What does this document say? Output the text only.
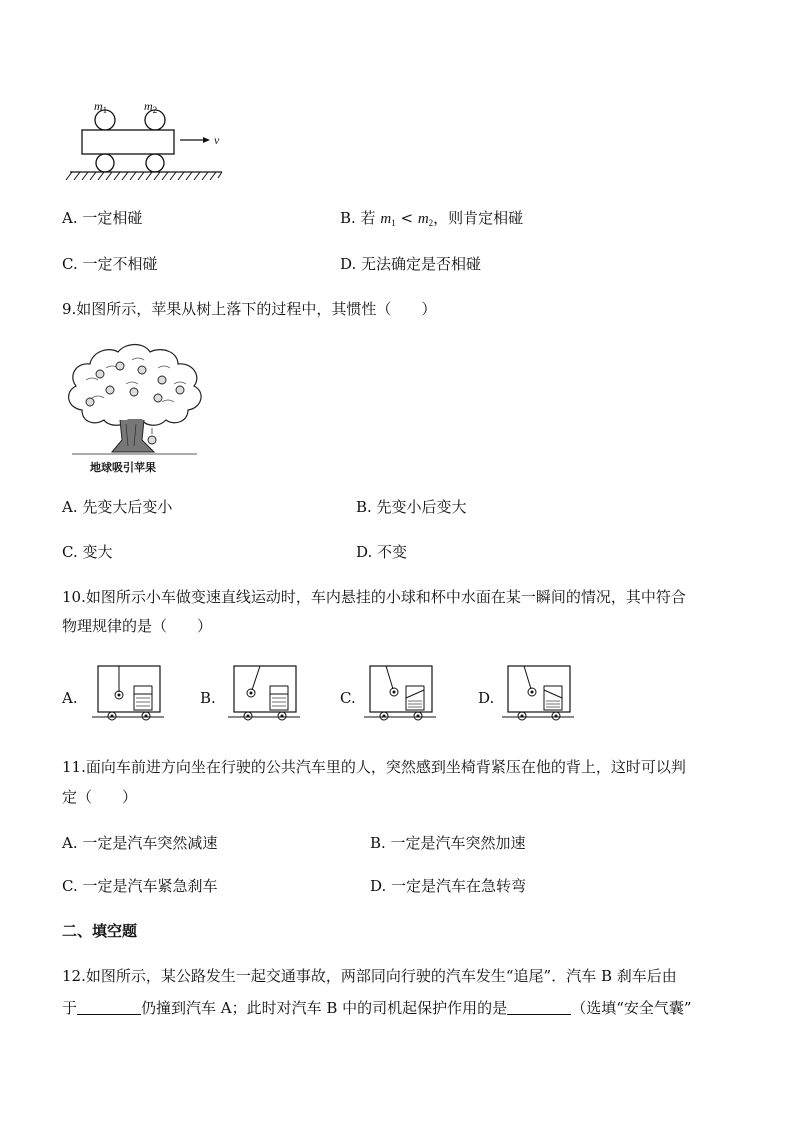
$m_1$	$m_2$
v
A. 一定相碰	B. 若 $m_1 < m_2$，则肯定相碰
C. 一定不相碰	D. 无法确定是否相碰
9.如图所示，苹果从树上落下的过程中，其惯性（　　）
地球吸引苹果
A. 先变大后变小	B. 先变小后变大
C. 变大	D. 不变
10.如图所示小车做变速直线运动时，车内悬挂的小球和杯中水面在某一瞬间的情况，其中符合
物理规律的是（　　）
A.	B.	C.	D.
11.面向车前进方向坐在行驶的公共汽车里的人，突然感到坐椅背紧压在他的背上，这时可以判
定（　　）
A. 一定是汽车突然减速	B. 一定是汽车突然加速
C. 一定是汽车紧急刹车	D. 一定是汽车在急转弯
二、填空题
12.如图所示，某公路发生一起交通事故，两部同向行驶的汽车发生“追尾”．汽车 B 刹车后由
于	仍撞到汽车 A；此时对汽车 B 中的司机起保护作用的是	（选填“安全气囊”
